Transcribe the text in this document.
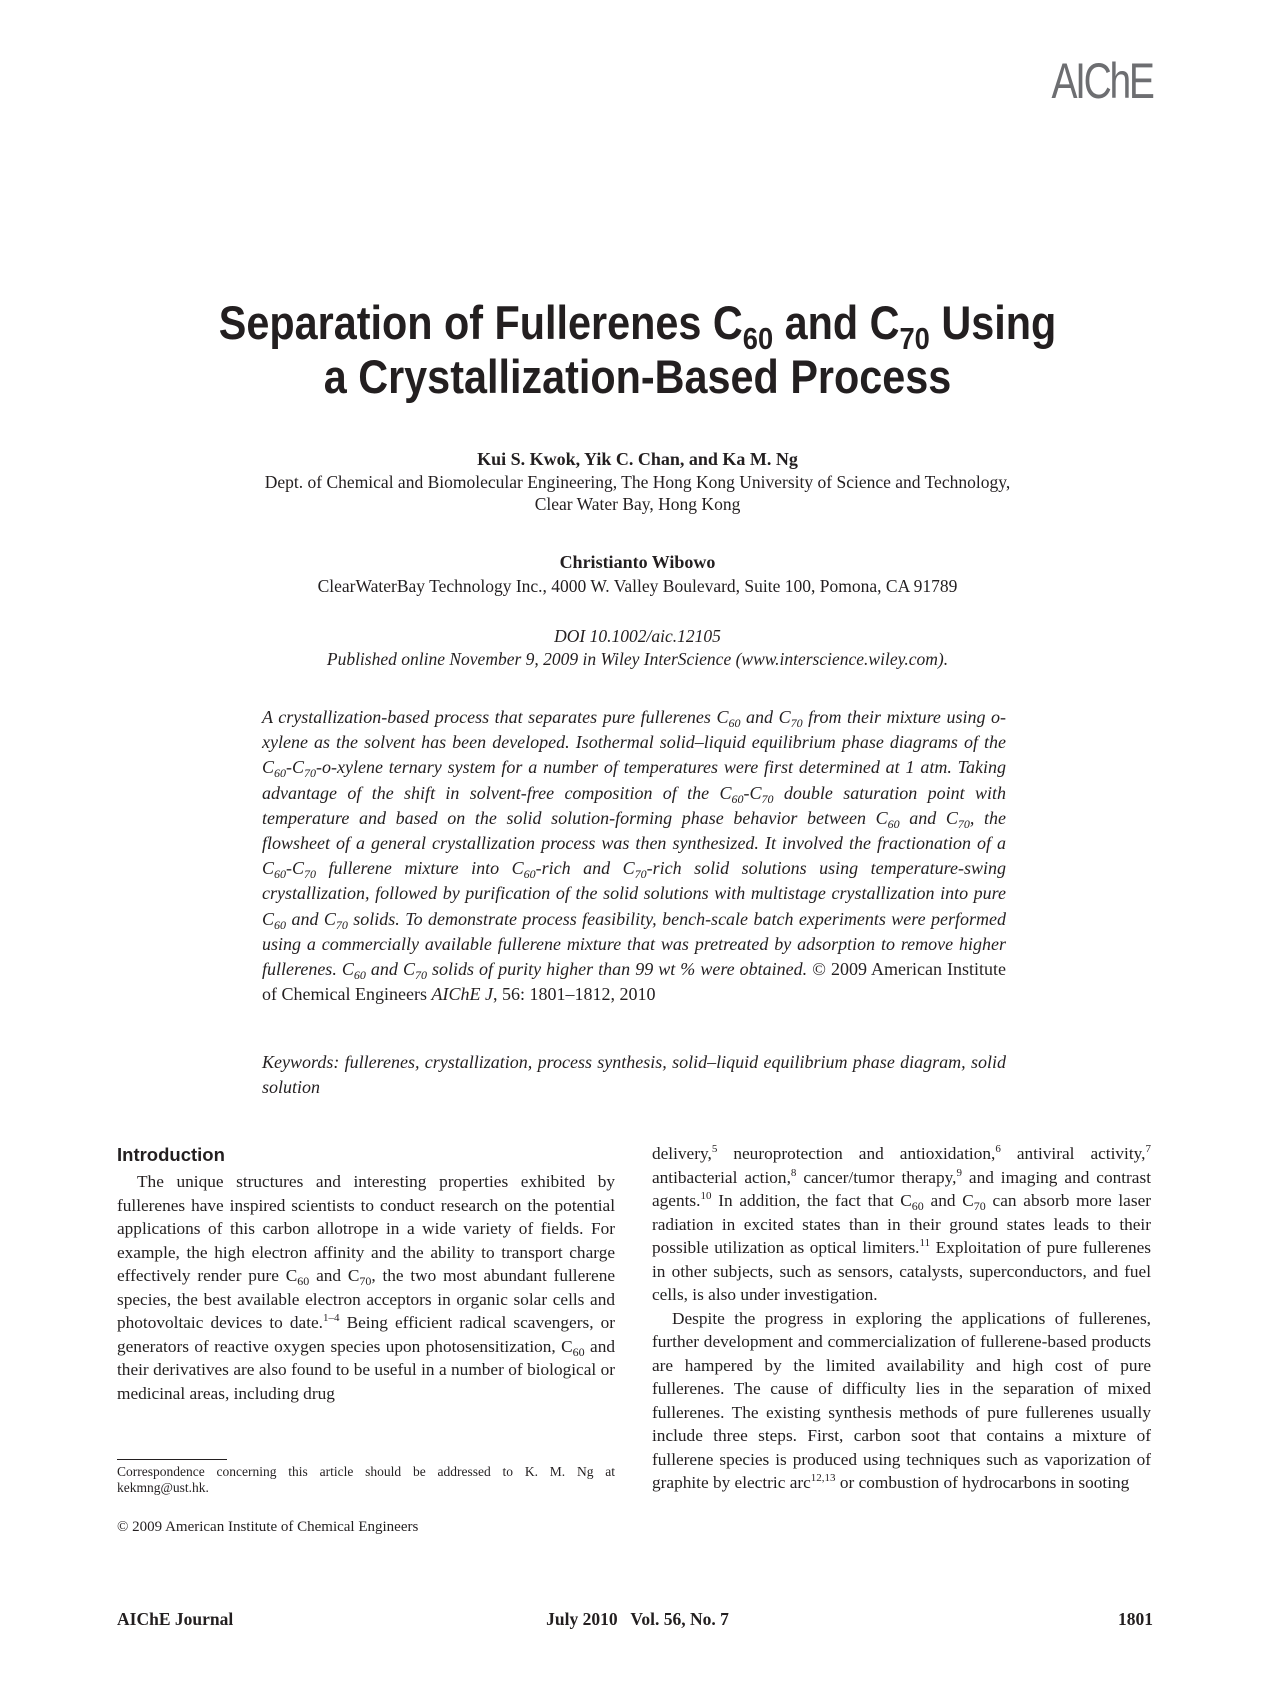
AIChE
Separation of Fullerenes $C_{60}$ and $C_{70}$ Using
a Crystallization-Based Process
Kui S. Kwok, Yik C. Chan, and Ka M. Ng
Dept. of Chemical and Biomolecular Engineering, The Hong Kong University of Science and Technology,
Clear Water Bay, Hong Kong
Christianto Wibowo
ClearWaterBay Technology Inc., 4000 W. Valley Boulevard, Suite 100, Pomona, CA 91789
DOI 10.1002/aic.12105
Published online November 9, 2009 in Wiley InterScience (www.interscience.wiley.com).
A crystallization-based process that separates pure fullerenes $C_{60}$ and $C_{70}$ from their mixture using o-xylene as the solvent has been developed. Isothermal solid–liquid equilibrium phase diagrams of the $C_{60}-C_{70}-o$-xylene ternary system for a number of temperatures were first determined at 1 atm. Taking advantage of the shift in solvent-free composition of the $C_{60}-C_{70}$ double saturation point with temperature and based on the solid solution-forming phase behavior between $C_{60}$ and $C_{70}$, the flowsheet of a general crystallization process was then synthesized. It involved the fractionation of a $C_{60}-C_{70}$ fullerene mixture into $C_{60}$-rich and $C_{70}$-rich solid solutions using temperature-swing crystallization, followed by purification of the solid solutions with multistage crystallization into pure $C_{60}$ and $C_{70}$ solids. To demonstrate process feasibility, bench-scale batch experiments were performed using a commercially available fullerene mixture that was pretreated by adsorption to remove higher fullerenes. $C_{60}$ and $C_{70}$ solids of purity higher than 99 wt % were obtained. © 2009 American Institute of Chemical Engineers AIChE J, 56: 1801–1812, 2010
Keywords: fullerenes, crystallization, process synthesis, solid–liquid equilibrium phase diagram, solid solution
Introduction

The unique structures and interesting properties exhibited by fullerenes have inspired scientists to conduct research on the potential applications of this carbon allotrope in a wide variety of fields. For example, the high electron affinity and the ability to transport charge effectively render pure $C_{60}$ and $C_{70}$, the two most abundant fullerene species, the best available electron acceptors in organic solar cells and photovoltaic devices to date.$^{1-4}$ Being efficient radical scavengers, or generators of reactive oxygen species upon photosensitization, $C_{60}$ and their derivatives are also found to be useful in a number of biological or medicinal areas, including drug

delivery,$^5$ neuroprotection and antioxidation,$^6$ antiviral activity,$^7$ antibacterial action,$^8$ cancer/tumor therapy,$^9$ and imaging and contrast agents.$^{10}$ In addition, the fact that $C_{60}$ and $C_{70}$ can absorb more laser radiation in excited states than in their ground states leads to their possible utilization as optical limiters.$^{11}$ Exploitation of pure fullerenes in other subjects, such as sensors, catalysts, superconductors, and fuel cells, is also under investigation.

Despite the progress in exploring the applications of fullerenes, further development and commercialization of fullerene-based products are hampered by the limited availability and high cost of pure fullerenes. The cause of difficulty lies in the separation of mixed fullerenes. The existing synthesis methods of pure fullerenes usually include three steps. First, carbon soot that contains a mixture of fullerene species is produced using techniques such as vaporization of graphite by electric arc$^{12,13}$ or combustion of hydrocarbons in sooting

Correspondence concerning this article should be addressed to K. M. Ng at kekmng@ust.hk.
© 2009 American Institute of Chemical Engineers
AIChE Journal	July 2010   Vol. 56, No. 7	1801
